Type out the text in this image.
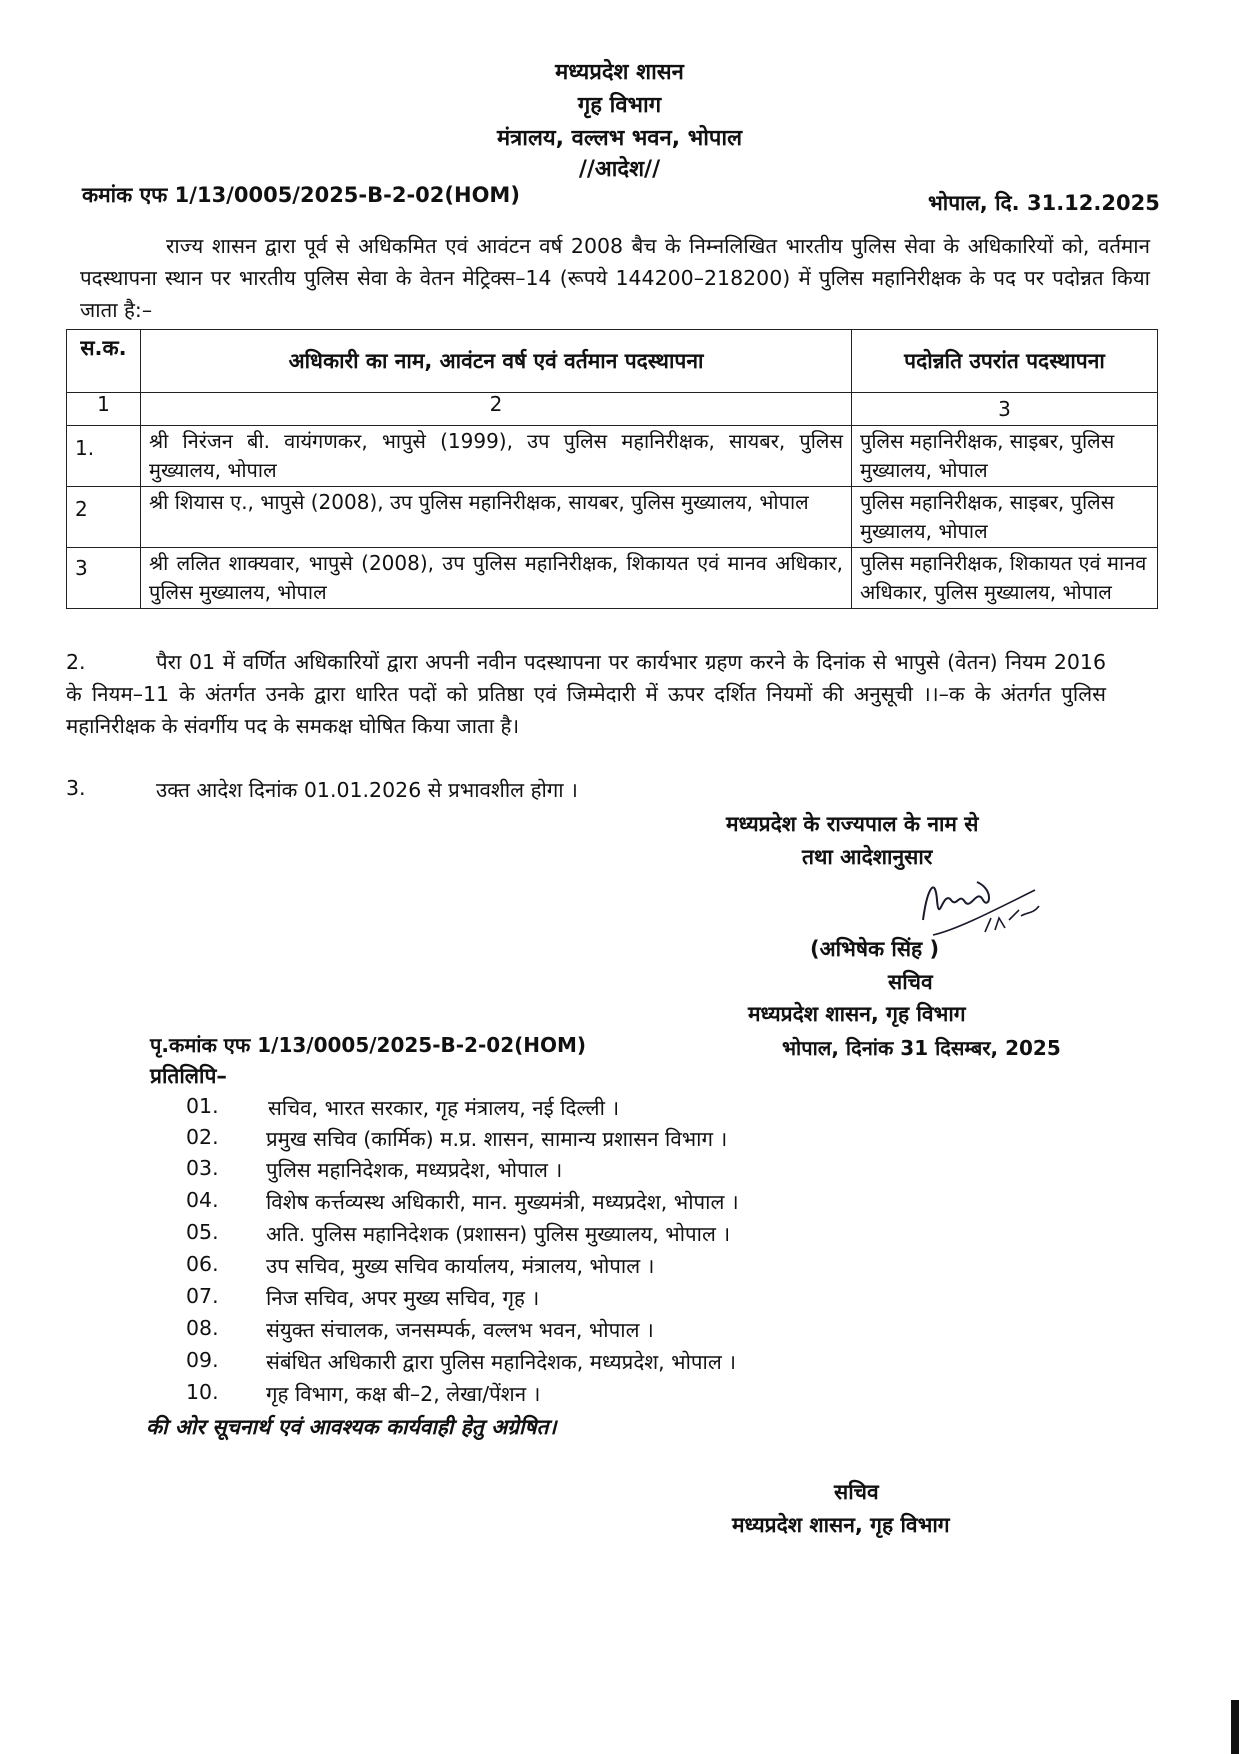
मध्यप्रदेश शासन
गृह विभाग
मंत्रालय, वल्लभ भवन, भोपाल
//आदेश//
कमांक एफ 1/13/0005/2025-B-2-02(HOM)	भोपाल, दि. 31.12.2025
राज्य शासन द्वारा पूर्व से अधिकमित एवं आवंटन वर्ष 2008 बैच के निम्नलिखित भारतीय पुलिस सेवा के अधिकारियों को, वर्तमान पदस्थापना स्थान पर भारतीय पुलिस सेवा के वेतन मेट्रिक्स–14 (रूपये 144200–218200) में पुलिस महानिरीक्षक के पद पर पदोन्नत किया जाता है:–
स.क.	अधिकारी का नाम, आवंटन वर्ष एवं वर्तमान पदस्थापना	पदोन्नति उपरांत पदस्थापना
1	2	3
1.	श्री निरंजन बी. वायंगणकर, भापुसे (1999), उप पुलिस महानिरीक्षक, सायबर, पुलिस मुख्यालय, भोपाल	पुलिस महानिरीक्षक, साइबर, पुलिस मुख्यालय, भोपाल
2	श्री शियास ए., भापुसे (2008), उप पुलिस महानिरीक्षक, सायबर, पुलिस मुख्यालय, भोपाल	पुलिस महानिरीक्षक, साइबर, पुलिस मुख्यालय, भोपाल
3	श्री ललित शाक्यवार, भापुसे (2008), उप पुलिस महानिरीक्षक, शिकायत एवं मानव अधिकार, पुलिस मुख्यालय, भोपाल	पुलिस महानिरीक्षक, शिकायत एवं मानव अधिकार, पुलिस मुख्यालय, भोपाल
2.	पैरा 01 में वर्णित अधिकारियों द्वारा अपनी नवीन पदस्थापना पर कार्यभार ग्रहण करने के दिनांक से भापुसे (वेतन) नियम 2016 के नियम–11 के अंतर्गत उनके द्वारा धारित पदों को प्रतिष्ठा एवं जिम्मेदारी में ऊपर दर्शित नियमों की अनुसूची ।।–क के अंतर्गत पुलिस महानिरीक्षक के संवर्गीय पद के समकक्ष घोषित किया जाता है।
3.	उक्त आदेश दिनांक 01.01.2026 से प्रभावशील होगा ।
मध्यप्रदेश के राज्यपाल के नाम से
तथा आदेशानुसार
(अभिषेक सिंह )
सचिव
मध्यप्रदेश शासन, गृह विभाग
पृ.कमांक एफ 1/13/0005/2025-B-2-02(HOM)	भोपाल, दिनांक 31 दिसम्बर, 2025
प्रतिलिपि–
01. सचिव, भारत सरकार, गृह मंत्रालय, नई दिल्ली ।
02. प्रमुख सचिव (कार्मिक) म.प्र. शासन, सामान्य प्रशासन विभाग ।
03. पुलिस महानिदेशक, मध्यप्रदेश, भोपाल ।
04. विशेष कर्त्तव्यस्थ अधिकारी, मान. मुख्यमंत्री, मध्यप्रदेश, भोपाल ।
05. अति. पुलिस महानिदेशक (प्रशासन) पुलिस मुख्यालय, भोपाल ।
06. उप सचिव, मुख्य सचिव कार्यालय, मंत्रालय, भोपाल ।
07. निज सचिव, अपर मुख्य सचिव, गृह ।
08. संयुक्त संचालक, जनसम्पर्क, वल्लभ भवन, भोपाल ।
09. संबंधित अधिकारी द्वारा पुलिस महानिदेशक, मध्यप्रदेश, भोपाल ।
10. गृह विभाग, कक्ष बी–2, लेखा/पेंशन ।
की ओर सूचनार्थ एवं आवश्यक कार्यवाही हेतु अग्रेषित।
सचिव
मध्यप्रदेश शासन, गृह विभाग
